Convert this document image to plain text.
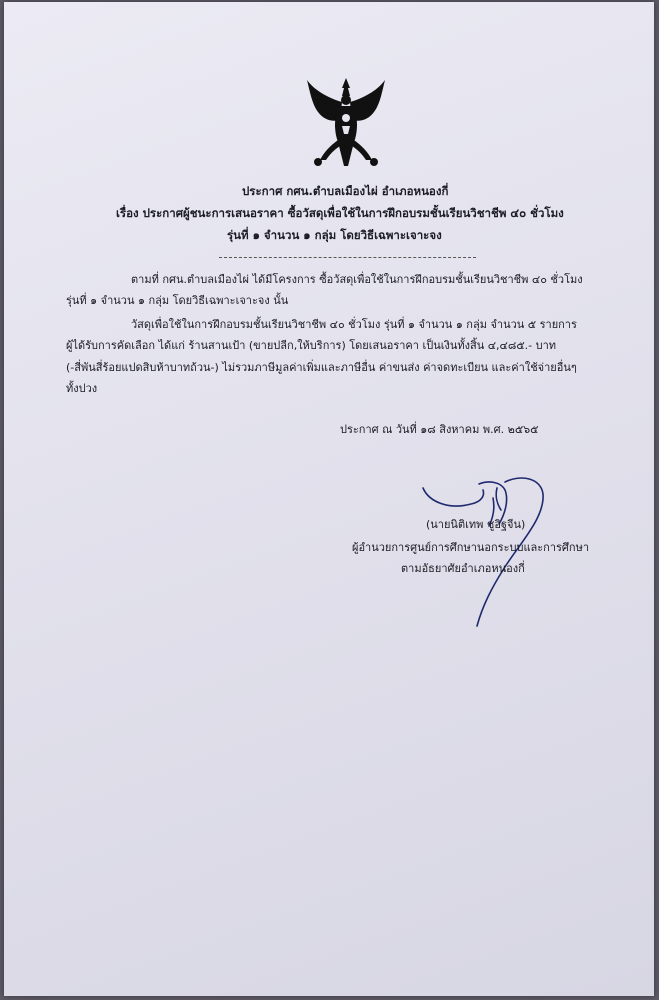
ประกาศ กศน.ตำบลเมืองไผ่ อำเภอหนองกี่
เรื่อง ประกาศผู้ชนะการเสนอราคา ซื้อวัสดุเพื่อใช้ในการฝึกอบรมชั้นเรียนวิชาชีพ ๔๐ ชั่วโมง
รุ่นที่ ๑ จำนวน ๑ กลุ่ม โดยวิธีเฉพาะเจาะจง
ตามที่ กศน.ตำบลเมืองไผ่ ได้มีโครงการ ซื้อวัสดุเพื่อใช้ในการฝึกอบรมชั้นเรียนวิชาชีพ ๔๐ ชั่วโมง
รุ่นที่ ๑ จำนวน ๑ กลุ่ม โดยวิธีเฉพาะเจาะจง นั้น
วัสดุเพื่อใช้ในการฝึกอบรมชั้นเรียนวิชาชีพ ๔๐ ชั่วโมง รุ่นที่ ๑ จำนวน ๑ กลุ่ม จำนวน ๕ รายการ
ผู้ได้รับการคัดเลือก ได้แก่ ร้านสานเป้า (ขายปลีก,ให้บริการ) โดยเสนอราคา เป็นเงินทั้งสิ้น ๔,๔๘๕.- บาท
(-สี่พันสี่ร้อยแปดสิบห้าบาทถ้วน-) ไม่รวมภาษีมูลค่าเพิ่มและภาษีอื่น ค่าขนส่ง ค่าจดทะเบียน และค่าใช้จ่ายอื่นๆ
ทั้งปวง
ประกาศ ณ วันที่ ๑๘ สิงหาคม พ.ศ. ๒๕๖๕
(นายนิติเทพ ชูอิฐจีน)
ผู้อำนวยการศูนย์การศึกษานอกระบบและการศึกษา
ตามอัธยาศัยอำเภอหนองกี่
